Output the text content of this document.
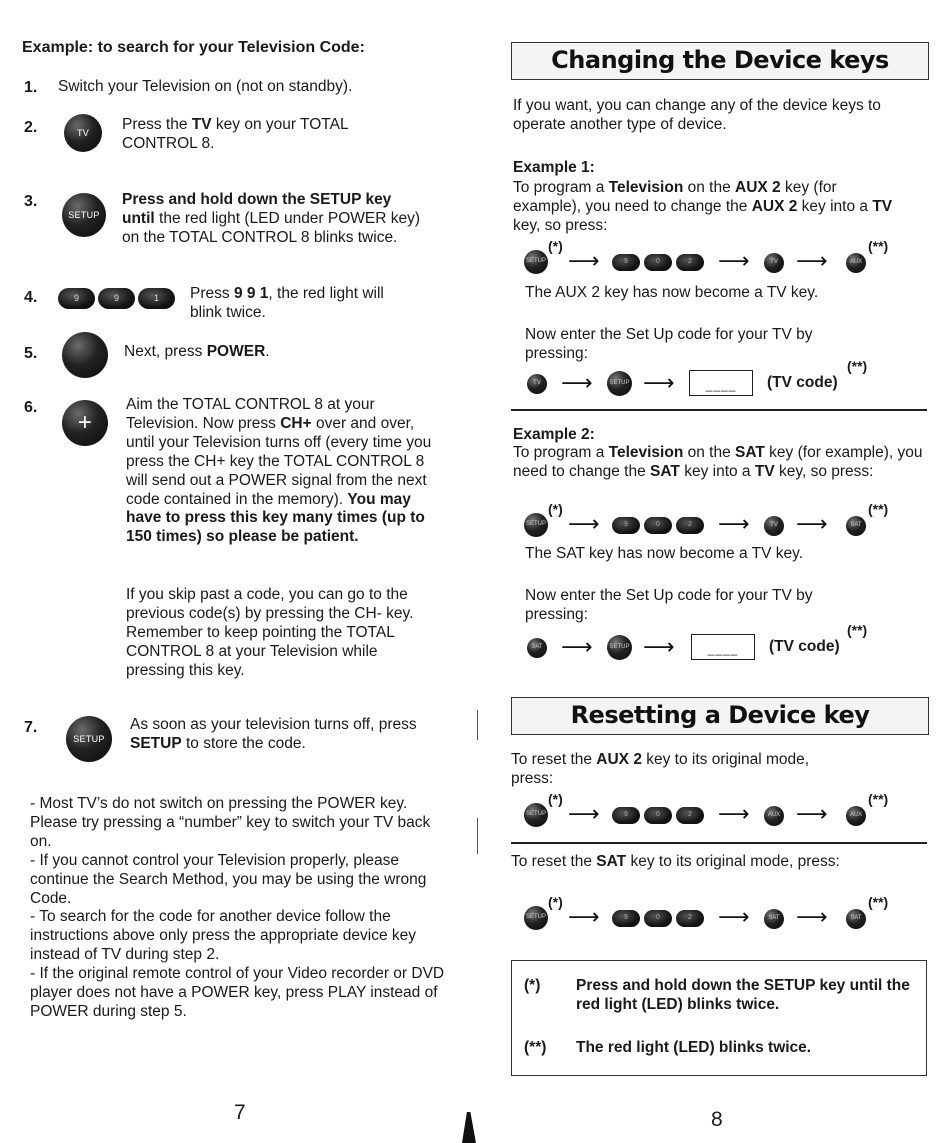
Example: to search for your Television Code:
1. Switch your Television on (not on standby).
2.	TV	Press the TV key on your TOTAL CONTROL 8.
3.
SETUP
Press and hold down the SETUP key until the red light (LED under POWER key) on the TOTAL CONTROL 8 blinks twice.
4.	9	9	1	Press 9 9 1, the red light will blink twice.
5.	Next, press POWER.
6.
+
Aim the TOTAL CONTROL 8 at your Television. Now press CH+ over and over, until your Television turns off (every time you press the CH+ key the TOTAL CONTROL 8 will send out a POWER signal from the next code contained in the memory). You may have to press this key many times (up to 150 times) so please be patient.
If you skip past a code, you can go to the previous code(s) by pressing the CH- key. Remember to keep pointing the TOTAL CONTROL 8 at your Television while pressing this key.
7.
SETUP
As soon as your television turns off, press SETUP to store the code.
- Most TV’s do not switch on pressing the POWER key. Please try pressing a “number” key to switch your TV back on.
- If you cannot control your Television properly, please continue the Search Method, you may be using the wrong Code.
- To search for the code for another device follow the instructions above only press the appropriate device key instead of TV during step 2.
- If the original remote control of your Video recorder or DVD player does not have a POWER key, press PLAY instead of POWER during step 5.
7
Changing the Device keys
If you want, you can change any of the device keys to operate another type of device.
Example 1:
To program a Television on the AUX 2 key (for example), you need to change the AUX 2 key into a TV key, so press:
SETUP
(*)
⟶	9	0	2	⟶	TV ⟶	AUX
(**)
The AUX 2 key has now become a TV key.
Now enter the Set Up code for your TV by pressing:
TV ⟶	SETUP ⟶	____	(TV code)
(**)
Example 2:
To program a Television on the SAT key (for example), you need to change the SAT key into a TV key, so press:
SETUP
(*)
⟶	9	0	2	⟶	TV ⟶	SAT
(**)
The SAT key has now become a TV key.
Now enter the Set Up code for your TV by pressing:
SAT ⟶	SETUP ⟶	____	(TV code)
(**)
Resetting a Device key
To reset the AUX 2 key to its original mode, press:
SETUP
(*)
⟶	9	0	2	⟶	AUX ⟶	AUX
(**)
To reset the SAT key to its original mode, press:
SETUP
(*)
⟶	9	0	2	⟶	SAT ⟶	SAT
(**)
(*) Press and hold down the SETUP key until the red light (LED) blinks twice.
(**) The red light (LED) blinks twice.
8
